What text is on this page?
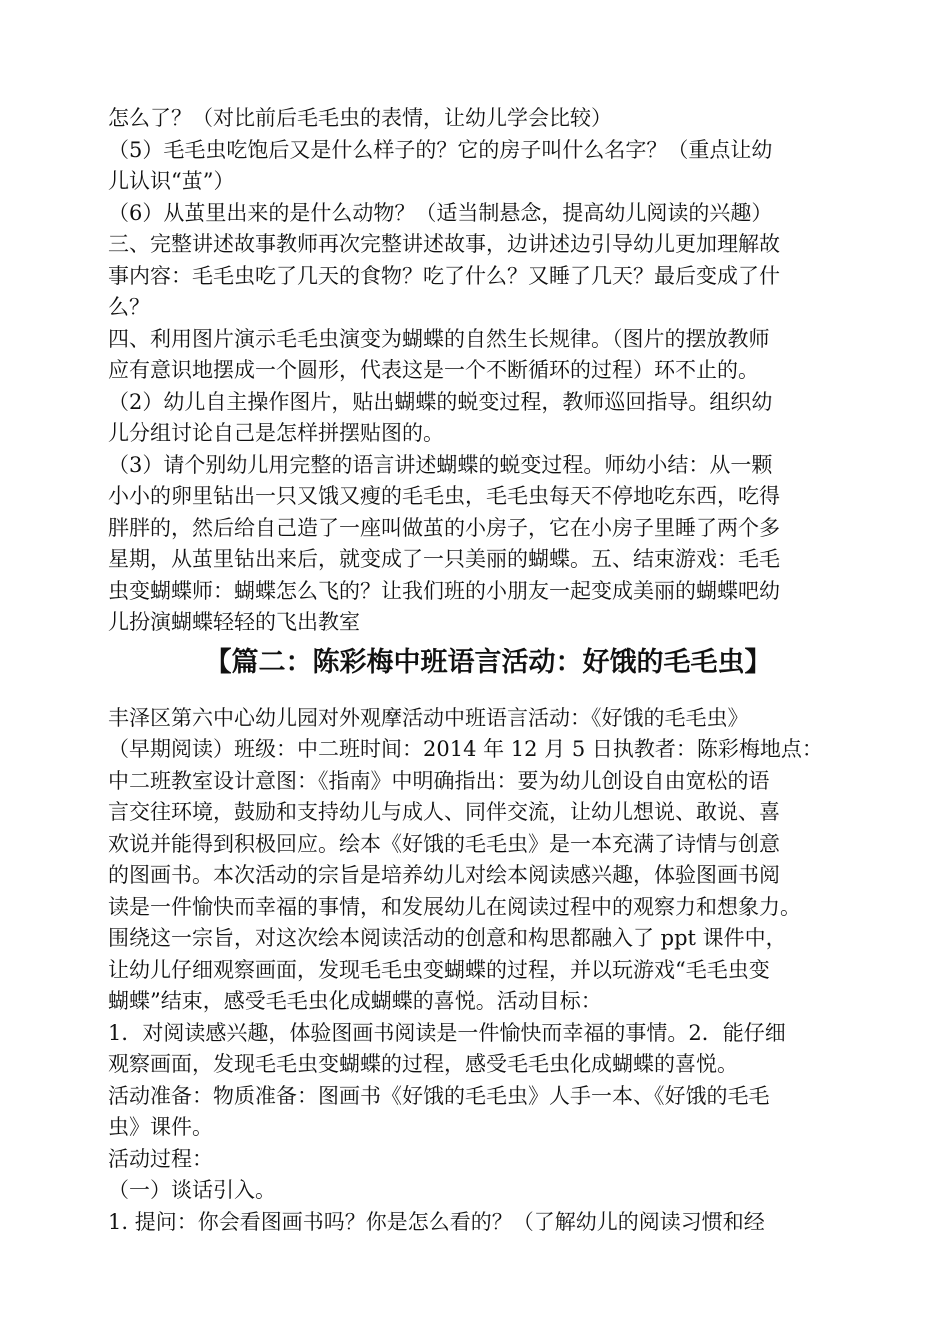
怎么了？（对比前后毛毛虫的表情，让幼儿学会比较）
（5）毛毛虫吃饱后又是什么样子的？它的房子叫什么名字？（重点让幼
儿认识“茧”）
（6）从茧里出来的是什么动物？（适当制悬念，提高幼儿阅读的兴趣）
三、完整讲述故事教师再次完整讲述故事，边讲述边引导幼儿更加理解故
事内容：毛毛虫吃了几天的食物？吃了什么？又睡了几天？最后变成了什
么？
四、利用图片演示毛毛虫演变为蝴蝶的自然生长规律。（图片的摆放教师
应有意识地摆成一个圆形，代表这是一个不断循环的过程）环不止的。
（2）幼儿自主操作图片，贴出蝴蝶的蜕变过程，教师巡回指导。组织幼
儿分组讨论自己是怎样拼摆贴图的。
（3）请个别幼儿用完整的语言讲述蝴蝶的蜕变过程。师幼小结：从一颗
小小的卵里钻出一只又饿又瘦的毛毛虫，毛毛虫每天不停地吃东西，吃得
胖胖的，然后给自己造了一座叫做茧的小房子，它在小房子里睡了两个多
星期，从茧里钻出来后，就变成了一只美丽的蝴蝶。五、结束游戏：毛毛
虫变蝴蝶师：蝴蝶怎么飞的？让我们班的小朋友一起变成美丽的蝴蝶吧幼
儿扮演蝴蝶轻轻的飞出教室
【篇二：陈彩梅中班语言活动：好饿的毛毛虫】
丰泽区第六中心幼儿园对外观摩活动中班语言活动：《好饿的毛毛虫》
（早期阅读）班级：中二班时间：2014 年 12 月 5 日执教者：陈彩梅地点：
中二班教室设计意图：《指南》中明确指出：要为幼儿创设自由宽松的语
言交往环境，鼓励和支持幼儿与成人、同伴交流，让幼儿想说、敢说、喜
欢说并能得到积极回应。绘本《好饿的毛毛虫》是一本充满了诗情与创意
的图画书。本次活动的宗旨是培养幼儿对绘本阅读感兴趣，体验图画书阅
读是一件愉快而幸福的事情，和发展幼儿在阅读过程中的观察力和想象力。
围绕这一宗旨，对这次绘本阅读活动的创意和构思都融入了 ppt 课件中，
让幼儿仔细观察画面，发现毛毛虫变蝴蝶的过程，并以玩游戏“毛毛虫变
蝴蝶”结束，感受毛毛虫化成蝴蝶的喜悦。活动目标：
1．对阅读感兴趣，体验图画书阅读是一件愉快而幸福的事情。2．能仔细
观察画面，发现毛毛虫变蝴蝶的过程，感受毛毛虫化成蝴蝶的喜悦。
活动准备：物质准备：图画书《好饿的毛毛虫》人手一本、《好饿的毛毛
虫》课件。
活动过程：
（一）谈话引入。
1. 提问：你会看图画书吗？你是怎么看的？（了解幼儿的阅读习惯和经
